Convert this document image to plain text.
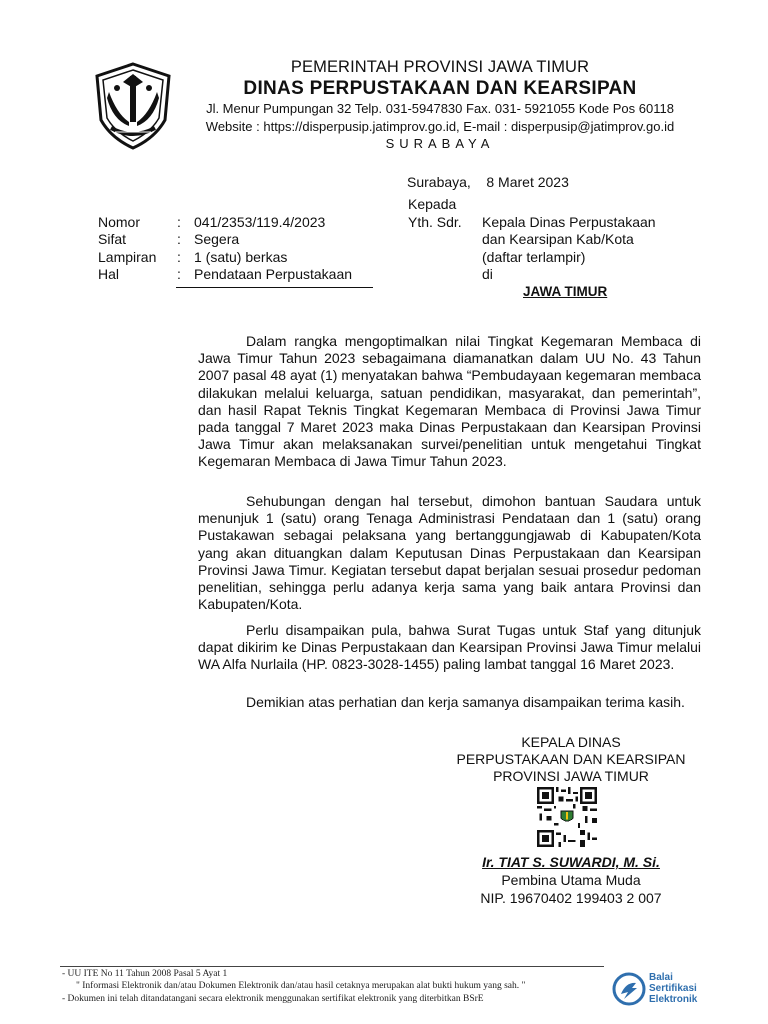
PEMERINTAH PROVINSI JAWA TIMUR
DINAS PERPUSTAKAAN DAN KEARSIPAN
Jl. Menur Pumpungan 32 Telp. 031-5947830 Fax. 031- 5921055 Kode Pos 60118
Website : https://disperpusip.jatimprov.go.id, E-mail : disperpusip@jatimprov.go.id
SURABAYA
Surabaya,    8 Maret 2023
Kepada
Yth. Sdr. Kepala Dinas Perpustakaan
dan Kearsipan Kab/Kota
(daftar terlampir)
di
JAWA TIMUR
Nomor	: 041/2353/119.4/2023
Sifat	: Segera
Lampiran : 1 (satu) berkas
Hal	: Pendataan Perpustakaan
Dalam rangka mengoptimalkan nilai Tingkat Kegemaran Membaca di Jawa Timur Tahun 2023 sebagaimana diamanatkan dalam UU No. 43 Tahun 2007 pasal 48 ayat (1) menyatakan bahwa “Pembudayaan kegemaran membaca dilakukan melalui keluarga, satuan pendidikan, masyarakat, dan pemerintah”, dan hasil Rapat Teknis Tingkat Kegemaran Membaca di Provinsi Jawa Timur pada tanggal 7 Maret 2023 maka Dinas Perpustakaan dan Kearsipan Provinsi Jawa Timur akan melaksanakan survei/penelitian untuk mengetahui Tingkat Kegemaran Membaca di Jawa Timur Tahun 2023.
Sehubungan dengan hal tersebut, dimohon bantuan Saudara untuk menunjuk 1 (satu) orang Tenaga Administrasi Pendataan dan 1 (satu) orang Pustakawan sebagai pelaksana yang bertanggungjawab di Kabupaten/Kota yang akan dituangkan dalam Keputusan Dinas Perpustakaan dan Kearsipan Provinsi Jawa Timur. Kegiatan tersebut dapat berjalan sesuai prosedur pedoman penelitian, sehingga perlu adanya kerja sama yang baik antara Provinsi dan Kabupaten/Kota.
Perlu disampaikan pula, bahwa Surat Tugas untuk Staf yang ditunjuk dapat dikirim ke Dinas Perpustakaan dan Kearsipan Provinsi Jawa Timur melalui WA Alfa Nurlaila (HP. 0823-3028-1455) paling lambat tanggal 16 Maret 2023.
Demikian atas perhatian dan kerja samanya disampaikan terima kasih.
KEPALA DINAS
PERPUSTAKAAN DAN KEARSIPAN
PROVINSI JAWA TIMUR
Ir. TIAT S. SUWARDI, M. Si.
Pembina Utama Muda
NIP. 19670402 199403 2 007
- UU ITE No 11 Tahun 2008 Pasal 5 Ayat 1
" Informasi Elektronik dan/atau Dokumen Elektronik dan/atau hasil cetaknya merupakan alat bukti hukum yang sah. "
- Dokumen ini telah ditandatangani secara elektronik menggunakan sertifikat elektronik yang diterbitkan BSrE
Balai
Sertifikasi
Elektronik
